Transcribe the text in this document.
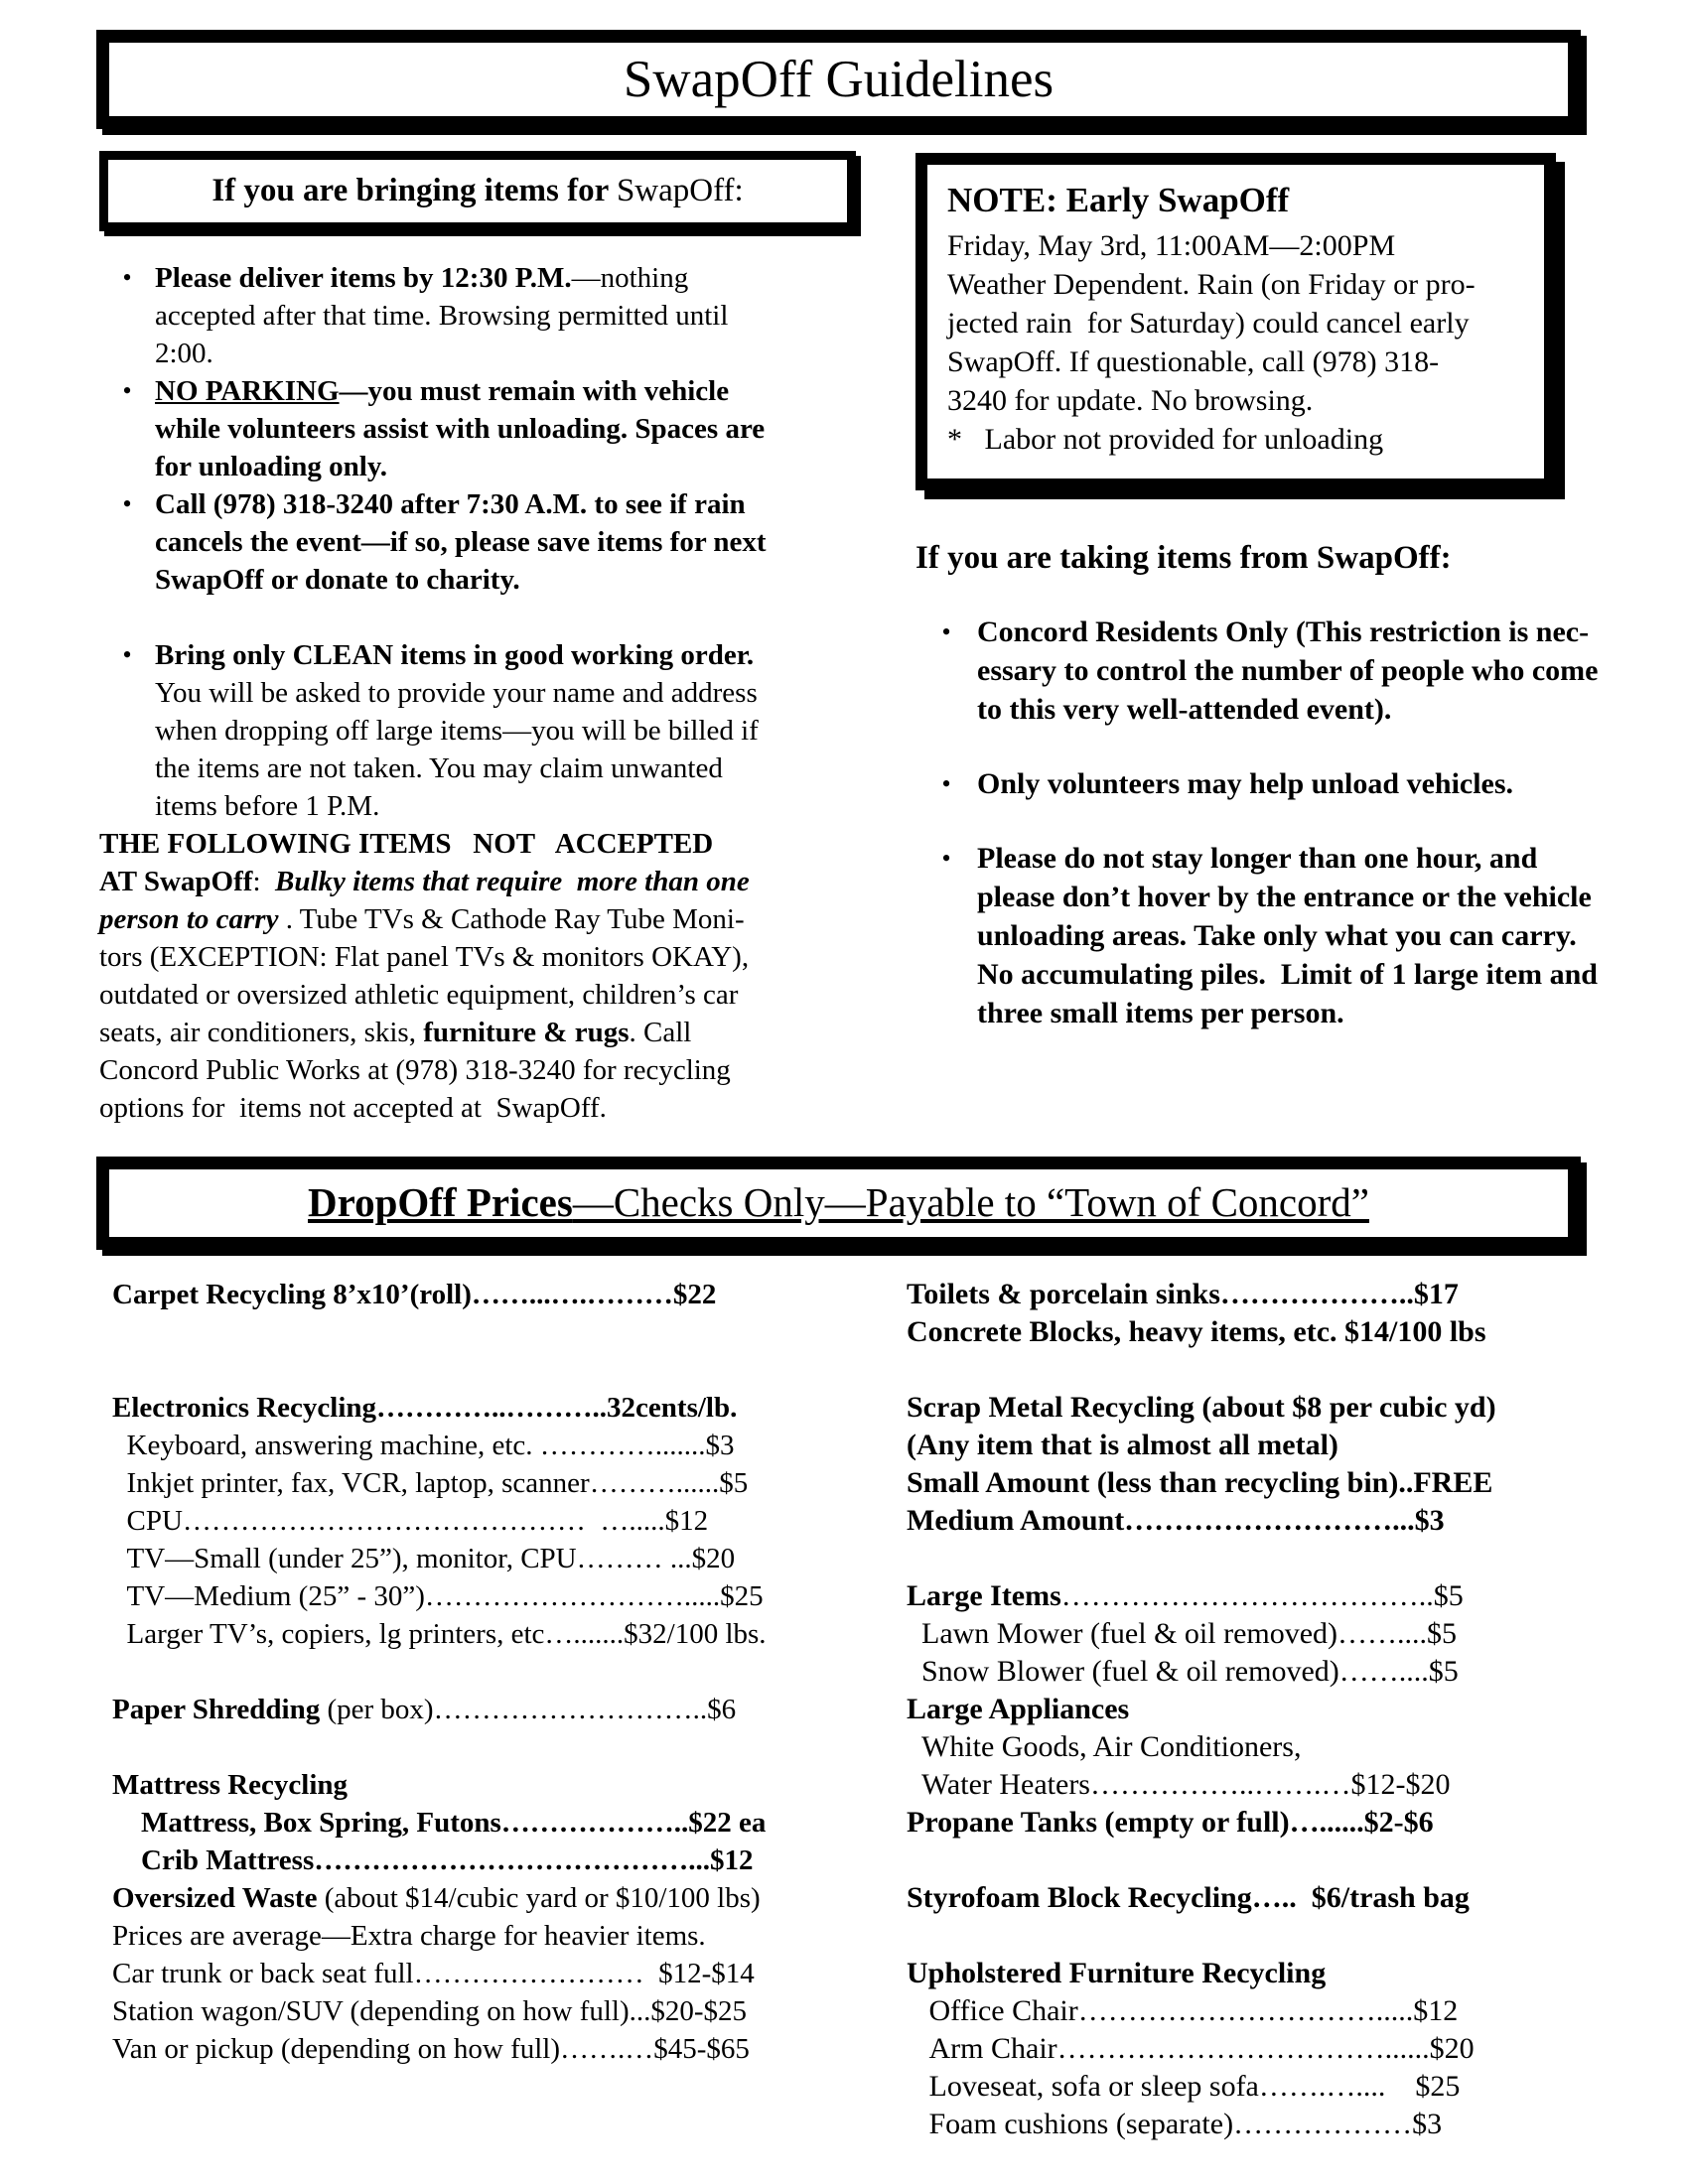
SwapOff Guidelines
If you are bringing items for SwapOff:
• Please deliver items by 12:30 P.M.—nothing
accepted after that time. Browsing permitted until
2:00.
• NO PARKING—you must remain with vehicle
while volunteers assist with unloading. Spaces are
for unloading only.
• Call (978) 318-3240 after 7:30 A.M. to see if rain
cancels the event—if so, please save items for next
SwapOff or donate to charity.
• Bring only CLEAN items in good working order.
You will be asked to provide your name and address
when dropping off large items—you will be billed if
the items are not taken. You may claim unwanted
items before 1 P.M.
THE FOLLOWING ITEMS   NOT   ACCEPTED
AT SwapOff:  Bulky items that require  more than one
person to carry . Tube TVs & Cathode Ray Tube Moni-
tors (EXCEPTION: Flat panel TVs & monitors OKAY),
outdated or oversized athletic equipment, children’s car
seats, air conditioners, skis, furniture & rugs. Call
Concord Public Works at (978) 318-3240 for recycling
options for  items not accepted at  SwapOff.
NOTE: Early SwapOff
Friday, May 3rd, 11:00AM—2:00PM
Weather Dependent. Rain (on Friday or pro-
jected rain  for Saturday) could cancel early
SwapOff. If questionable, call (978) 318-
3240 for update. No browsing.
*   Labor not provided for unloading
If you are taking items from SwapOff:
• Concord Residents Only (This restriction is nec-
essary to control the number of people who come
to this very well-attended event).
• Only volunteers may help unload vehicles.
• Please do not stay longer than one hour, and
please don’t hover by the entrance or the vehicle
unloading areas. Take only what you can carry.
No accumulating piles.  Limit of 1 large item and
three small items per person.
DropOff Prices—Checks Only—Payable to “Town of Concord”
Carpet Recycling 8’x10’(roll)……...….………$22

Electronics Recycling…………..………..32cents/lb.
Keyboard, answering machine, etc. ………….......$3
Inkjet printer, fax, VCR, laptop, scanner………......$5
CPU……………………………………  ….....$12
TV—Small (under 25”), monitor, CPU……… ...$20
TV—Medium (25” - 30”)……………………….....$25
Larger TV’s, copiers, lg printers, etc….......$32/100 lbs.

Paper Shredding (per box)………………………..$6

Mattress Recycling
Mattress, Box Spring, Futons………………..$22 ea
Crib Mattress…………………………………...$12
Oversized Waste (about $14/cubic yard or $10/100 lbs)
Prices are average—Extra charge for heavier items.
Car trunk or back seat full……………………  $12-$14
Station wagon/SUV (depending on how full)...$20-$25
Van or pickup (depending on how full)…….…$45-$65
Toilets & porcelain sinks………………..$17
Concrete Blocks, heavy items, etc. $14/100 lbs

Scrap Metal Recycling (about $8 per cubic yd)
(Any item that is almost all metal)
Small Amount (less than recycling bin)..FREE
Medium Amount………………………...$3

Large Items………………………………..$5
Lawn Mower (fuel & oil removed)……....$5
Snow Blower (fuel & oil removed)……....$5
Large Appliances
White Goods, Air Conditioners,
Water Heaters……………..…….…$12-$20
Propane Tanks (empty or full)…......$2-$6

Styrofoam Block Recycling…..  $6/trash bag

Upholstered Furniture Recycling
Office Chair………………………….....$12
Arm Chair……………………………......$20
Loveseat, sofa or sleep sofa…….…....    $25
Foam cushions (separate)………………$3
